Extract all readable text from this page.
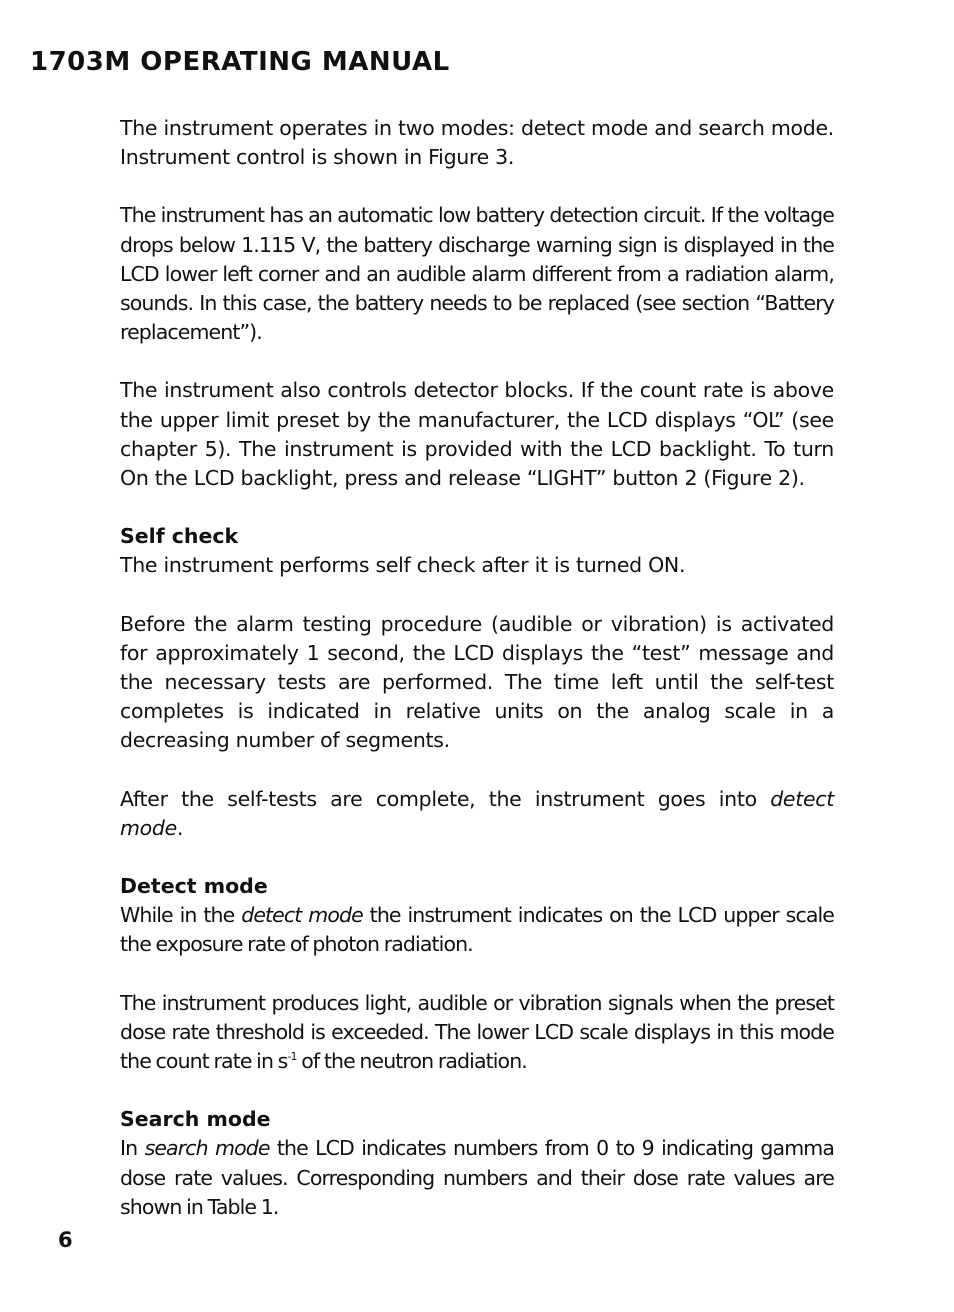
1703M OPERATING MANUAL

The instrument operates in two modes: detect mode and search mode. Instrument control is shown in Figure 3.

The instrument has an automatic low battery detection circuit. If the voltage drops below 1.115 V, the battery discharge warning sign is displayed in the LCD lower left corner and an audible alarm different from a radiation alarm, sounds. In this case, the battery needs to be replaced (see section “Battery replacement”).

The instrument also controls detector blocks. If the count rate is above the upper limit preset by the manufacturer, the LCD displays “OL” (see chapter 5). The instrument is provided with the LCD backlight. To turn On the LCD backlight, press and release “LIGHT” button 2 (Figure 2).

Self check

The instrument performs self check after it is turned ON.

Before the alarm testing procedure (audible or vibration) is activated for approximately 1 second, the LCD displays the “test” message and the necessary tests are performed. The time left until the self-test completes is indicated in relative units on the analog scale in a decreasing number of segments.

After the self-tests are complete, the instrument goes into detect mode.

Detect mode

While in the detect mode the instrument indicates on the LCD upper scale the exposure rate of photon radiation.

The instrument produces light, audible or vibration signals when the preset dose rate threshold is exceeded. The lower LCD scale displays in this mode the count rate in $s^{-1}$ of the neutron radiation.

Search mode

In search mode the LCD indicates numbers from 0 to 9 indicating gamma dose rate values. Corresponding numbers and their dose rate values are shown in Table 1.

6
